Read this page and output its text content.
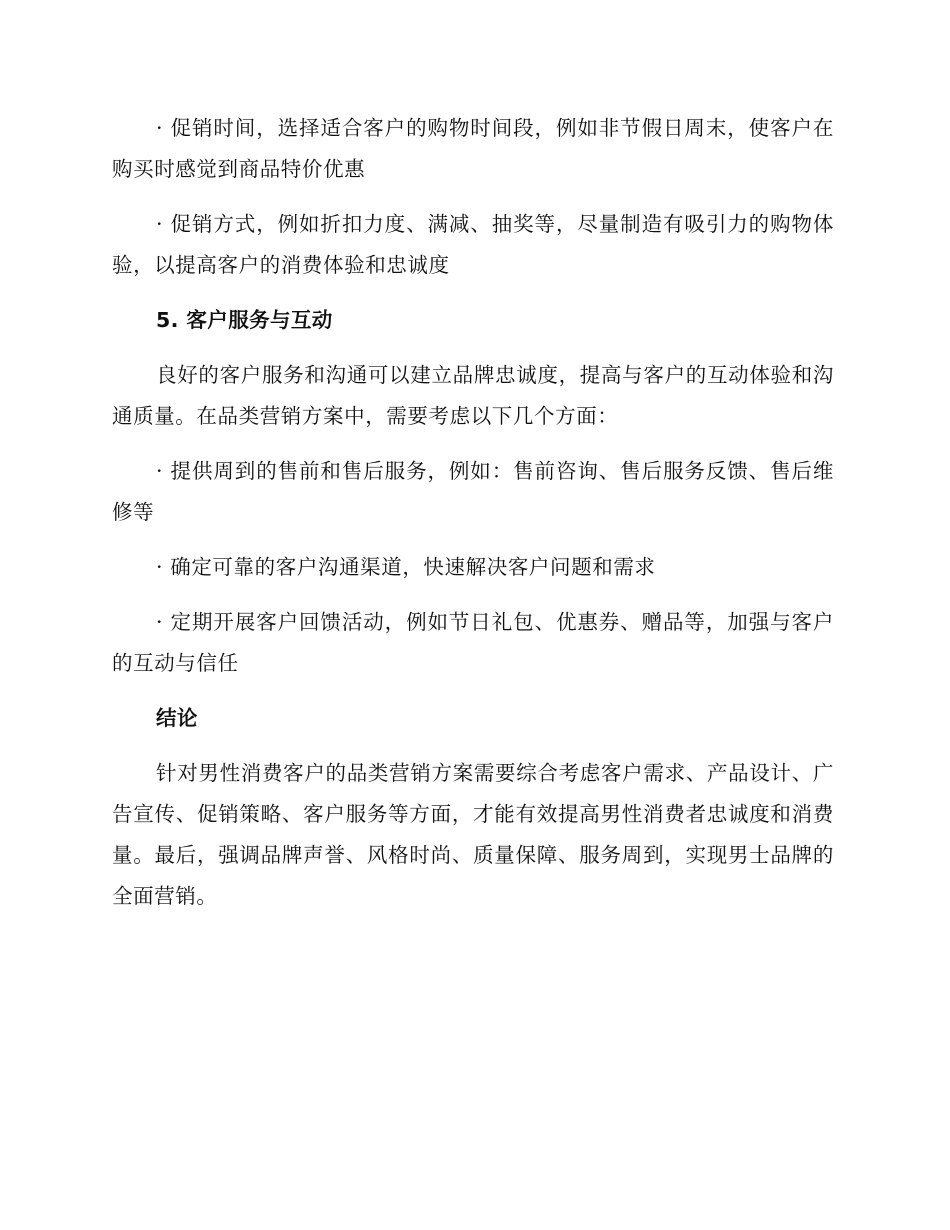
· 促销时间，选择适合客户的购物时间段，例如非节假日周末，使客户在购买时感觉到商品特价优惠

· 促销方式，例如折扣力度、满减、抽奖等，尽量制造有吸引力的购物体验，以提高客户的消费体验和忠诚度

5. 客户服务与互动

良好的客户服务和沟通可以建立品牌忠诚度，提高与客户的互动体验和沟通质量。在品类营销方案中，需要考虑以下几个方面：

· 提供周到的售前和售后服务，例如：售前咨询、售后服务反馈、售后维修等

· 确定可靠的客户沟通渠道，快速解决客户问题和需求

· 定期开展客户回馈活动，例如节日礼包、优惠券、赠品等，加强与客户的互动与信任

结论

针对男性消费客户的品类营销方案需要综合考虑客户需求、产品设计、广告宣传、促销策略、客户服务等方面，才能有效提高男性消费者忠诚度和消费量。最后，强调品牌声誉、风格时尚、质量保障、服务周到，实现男士品牌的全面营销。
